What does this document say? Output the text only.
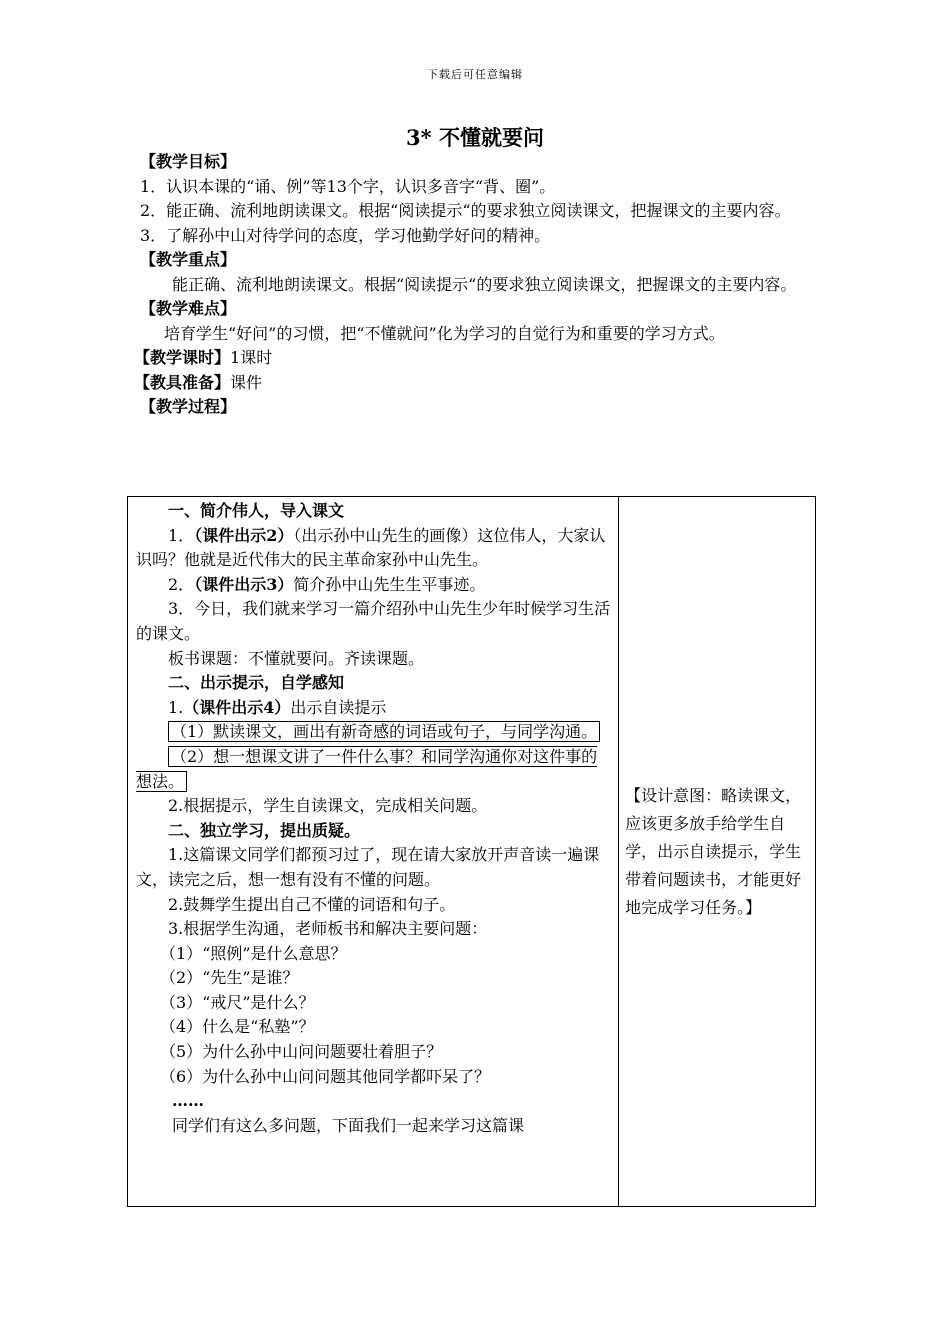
下载后可任意编辑
3* 不懂就要问

【教学目标】

1．认识本课的“诵、例”等13个字，认识多音字“背、圈”。

2．能正确、流利地朗读课文。根据“阅读提示“的要求独立阅读课文，把握课文的主要内容。

3．了解孙中山对待学问的态度，学习他勤学好问的精神。

【教学重点】

能正确、流利地朗读课文。根据“阅读提示“的要求独立阅读课文，把握课文的主要内容。

【教学难点】

培育学生“好问”的习惯，把“不懂就问”化为学习的自觉行为和重要的学习方式。

【教学课时】1课时

【教具准备】课件

【教学过程】

一、简介伟人，导入课文

1．（课件出示2）（出示孙中山先生的画像）这位伟人，大家认识吗？他就是近代伟大的民主革命家孙中山先生。

2．（课件出示3）简介孙中山先生生平事迹。

3．今日，我们就来学习一篇介绍孙中山先生少年时候学习生活的课文。

板书课题：不懂就要问。齐读课题。

二、出示提示，自学感知

1.（课件出示4）出示自读提示

（1）默读课文，画出有新奇感的词语或句子，与同学沟通。

（2）想一想课文讲了一件什么事？和同学沟通你对这件事的想法。

2.根据提示，学生自读课文，完成相关问题。

二、独立学习，提出质疑。

1.这篇课文同学们都预习过了，现在请大家放开声音读一遍课文，读完之后，想一想有没有不懂的问题。

2.鼓舞学生提出自己不懂的词语和句子。

3.根据学生沟通，老师板书和解决主要问题：

（1）“照例”是什么意思？

（2）“先生”是谁？

（3）“戒尺”是什么？

（4）什么是“私塾”？

（5）为什么孙中山问问题要壮着胆子？

（6）为什么孙中山问问题其他同学都吓呆了？

……

同学们有这么多问题，下面我们一起来学习这篇课

【设计意图：略读课文，应该更多放手给学生自学，出示自读提示，学生带着问题读书，才能更好地完成学习任务。】
